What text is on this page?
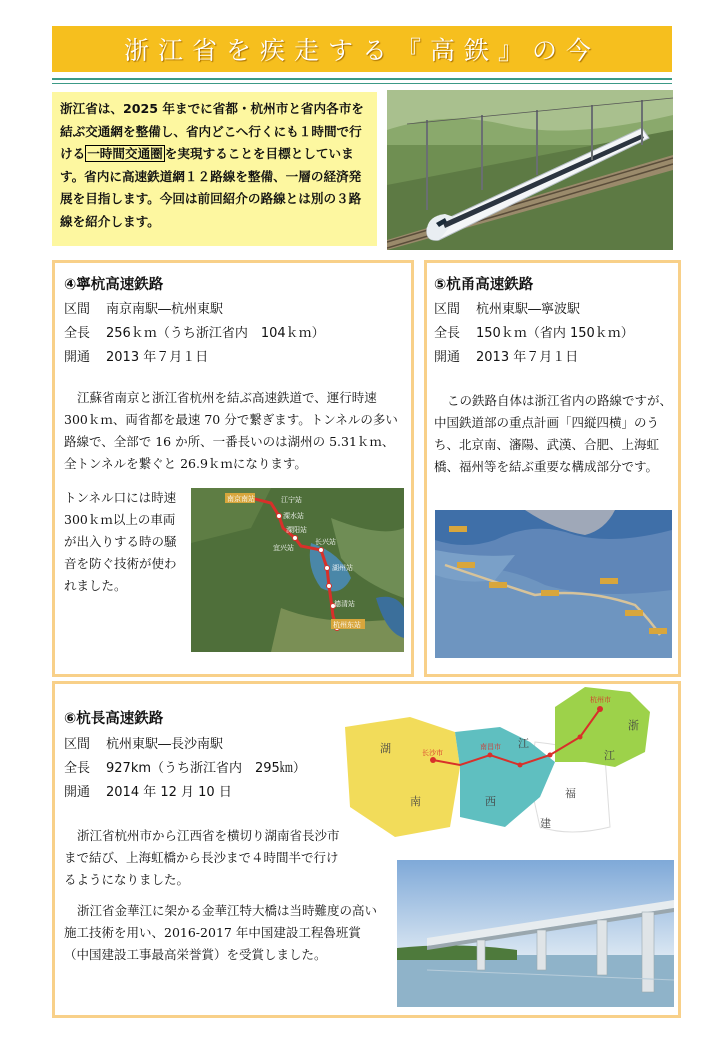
浙江省を疾走する『高鉄』の今
浙江省は、2025 年までに省都・杭州市と省内各市を結ぶ交通網を整備し、省内どこへ行くにも１時間で行ける 一時間交通圏 を実現することを目標としています。省内に高速鉄道網１２路線を整備、一層の経済発展を目指します。今回は前回紹介の路線とは別の３路線を紹介します。
④寧杭高速鉄路
区間 南京南駅―杭州東駅
全長 256ｋｍ（うち浙江省内　104ｋｍ）
開通 2013 年７月１日
江蘇省南京と浙江省杭州を結ぶ高速鉄道で、運行時速 300ｋｍ、両省都を最速 70 分で繋ぎます。トンネルの多い路線で、全部で 16 か所、一番長いのは湖州の 5.31ｋｍ、全トンネルを繋ぐと 26.9ｋｍになります。
トンネル口には時速 300ｋｍ以上の車両が出入りする時の騒音を防ぐ技術が使われました。
南京南站	江宁站
溧水站
溧阳站
宜兴站
长兴站
湖州站
德清站
杭州东站
⑤杭甬高速鉄路
区間 杭州東駅―寧波駅
全長 150ｋｍ（省内 150ｋｍ）
開通 2013 年７月１日
この鉄路自体は浙江省内の路線ですが、中国鉄道部の重点計画「四縦四横」のうち、北京南、瀋陽、武漢、合肥、上海虹橋、福州等を結ぶ重要な構成部分です。
⑥杭長高速鉄路
区間 杭州東駅―長沙南駅
全長 927km（うち浙江省内　295㎞）
開通 2014 年 12 月 10 日
浙江省杭州市から江西省を横切り湖南省長沙市まで結び、上海虹橋から長沙まで４時間半で行けるようになりました。
浙江省金華江に架かる金華江特大橋は当時難度の高い施工技術を用い、2016-2017 年中国建設工程魯班賞（中国建設工事最高栄誉賞）を受賞しました。
湖
南
江
西
浙
江
福
建
长沙市
南昌市
杭州市
